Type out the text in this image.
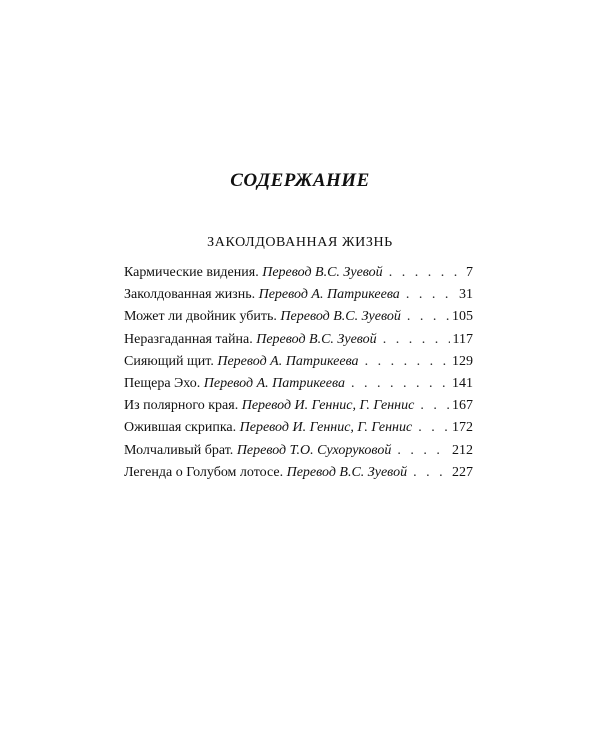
СОДЕРЖАНИЕ
ЗАКОЛДОВАННАЯ ЖИЗНЬ
Кармические видения. Перевод В.С. Зуевой . . .	7
Заколдованная жизнь. Перевод А. Патрикеева . . .	31
Может ли двойник убить. Перевод В.С. Зуевой . . .	105
Неразгаданная тайна. Перевод В.С. Зуевой . . .	117
Сияющий щит. Перевод А. Патрикеева . . .	129
Пещера Эхо. Перевод А. Патрикеева . . .	141
Из полярного края. Перевод И. Геннис, Г. Геннис . . .	167
Ожившая скрипка. Перевод И. Геннис, Г. Геннис . . .	172
Молчаливый брат. Перевод Т.О. Сухоруковой . . .	212
Легенда о Голубом лотосе. Перевод В.С. Зуевой . . .	227
